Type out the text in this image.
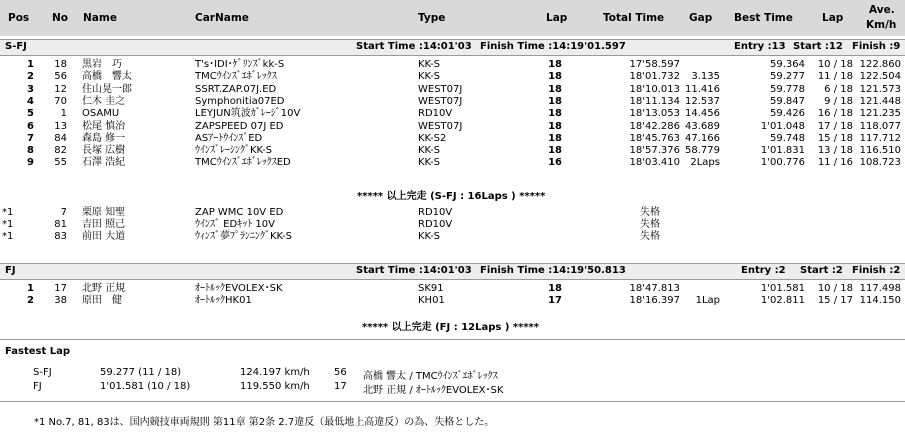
Pos No Name	CarName	Type	Lap	Total Time Gap Best Time	Lap
Ave.
Km/h
S-FJ	Start Time :14:01'03 Finish Time :14:19'01.597	Entry :13 Start :12 Finish :9
1	18 黒岩　巧	T's･IDI･ｹﾞﾘﾝｽﾞkk-S	KK-S	18	17'58.597	59.364	10 / 18 122.860
2	56 高橋　響太	TMCｳｲﾝｽﾞｴﾎﾞﾚｯｸｽ	KK-S	18	18'01.732	3.135	59.277	11 / 18 122.504
3	12 住山晃一郎	SSRT.ZAP.07J.ED	WEST07J	18	18'10.013 11.416	59.778	6 / 18 121.573
4	70 仁木 圭之	Symphonitia07ED	WEST07J	18	18'11.134 12.537	59.847	9 / 18 121.448
5	1 OSAMU	LEYJUN筑波ｶﾞﾚｰｼﾞ10V	RD10V	18	18'13.053 14.456	59.426	16 / 18 121.235
6	13 松尾 慎治	ZAPSPEED 07J ED	WEST07J	18	18'42.286 43.689	1'01.048	17 / 18 118.077
7	84 森島 修一	ASｱｰﾄｳｲﾝｽﾞED	KK-S2	18	18'45.763 47.166	59.748	15 / 18 117.712
8	82 長塚 広樹	ｳｲﾝｽﾞﾚｰｼﾝｸﾞKK-S	KK-S	18	18'57.376 58.779	1'01.831	13 / 18 116.510
9	55 石澤 浩紀	TMCｳｲﾝｽﾞｴﾎﾞﾚｯｸｽED	KK-S	16	18'03.410	2Laps	1'00.776	11 / 16 108.723
***** 以上完走 (S-FJ : 16Laps ) *****
*1	7 栗原 知聖	ZAP WMC 10V ED	RD10V	失格
*1	81 吉田 照己	ｳｲﾝｽﾞ EDｷｯﾄ 10V	RD10V	失格
*1	83 前田 大道	ｳｨﾝｽﾞ夢ﾌﾟﾗﾝﾆﾝｸﾞKK-S	KK-S	失格
FJ	Start Time :14:01'03 Finish Time :14:19'50.813	Entry :2 Start :2 Finish :2
1	17 北野 正規	ｵｰﾄﾙｯｸEVOLEX･SK	SK91	18	18'47.813	1'01.581	10 / 18 117.498
2	38 原田　健	ｵｰﾄﾙｯｸHK01	KH01	17	18'16.397	1Lap	1'02.811	15 / 17 114.150
***** 以上完走 (FJ : 12Laps ) *****
Fastest Lap
S-FJ	59.277 (11 / 18)	124.197 km/h 56 高橋 響太 / TMCｳｲﾝｽﾞｴﾎﾞﾚｯｸｽ
FJ	1'01.581 (10 / 18)	119.550 km/h 17 北野 正規 / ｵｰﾄﾙｯｸEVOLEX･SK
*1 No.7, 81, 83は、国内競技車両規則 第11章 第2条 2.7違反（最低地上高違反）の為、失格とした。
